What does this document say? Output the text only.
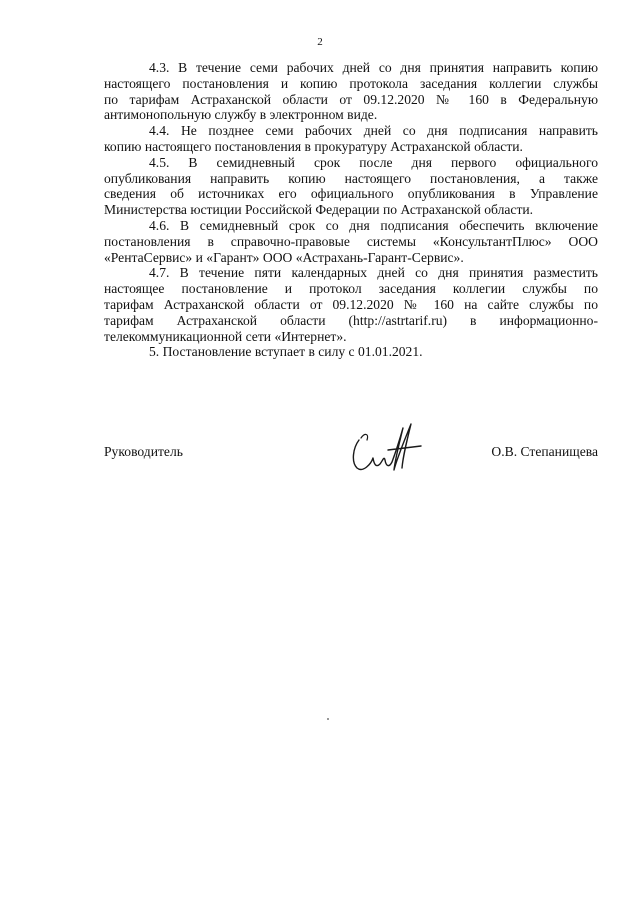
2
4.3. В течение семи рабочих дней со дня принятия направить копию
настоящего постановления и копию протокола заседания коллегии службы
по тарифам Астраханской области от 09.12.2020 № 160 в Федеральную
антимонопольную службу в электронном виде.
4.4. Не позднее семи рабочих дней со дня подписания направить
копию настоящего постановления в прокуратуру Астраханской области.
4.5. В семидневный срок после дня первого официального
опубликования направить копию настоящего постановления, а также
сведения об источниках его официального опубликования в Управление
Министерства юстиции Российской Федерации по Астраханской области.
4.6. В семидневный срок со дня подписания обеспечить включение
постановления в справочно-правовые системы «КонсультантПлюс» ООО
«РентаСервис» и «Гарант» ООО «Астрахань-Гарант-Сервис».
4.7. В течение пяти календарных дней со дня принятия разместить
настоящее постановление и протокол заседания коллегии службы по
тарифам Астраханской области от 09.12.2020 № 160 на сайте службы по
тарифам Астраханской области (http://astrtarif.ru) в информационно-
телекоммуникационной сети «Интернет».
5. Постановление вступает в силу с 01.01.2021.
Руководитель	О.В. Степанищева
